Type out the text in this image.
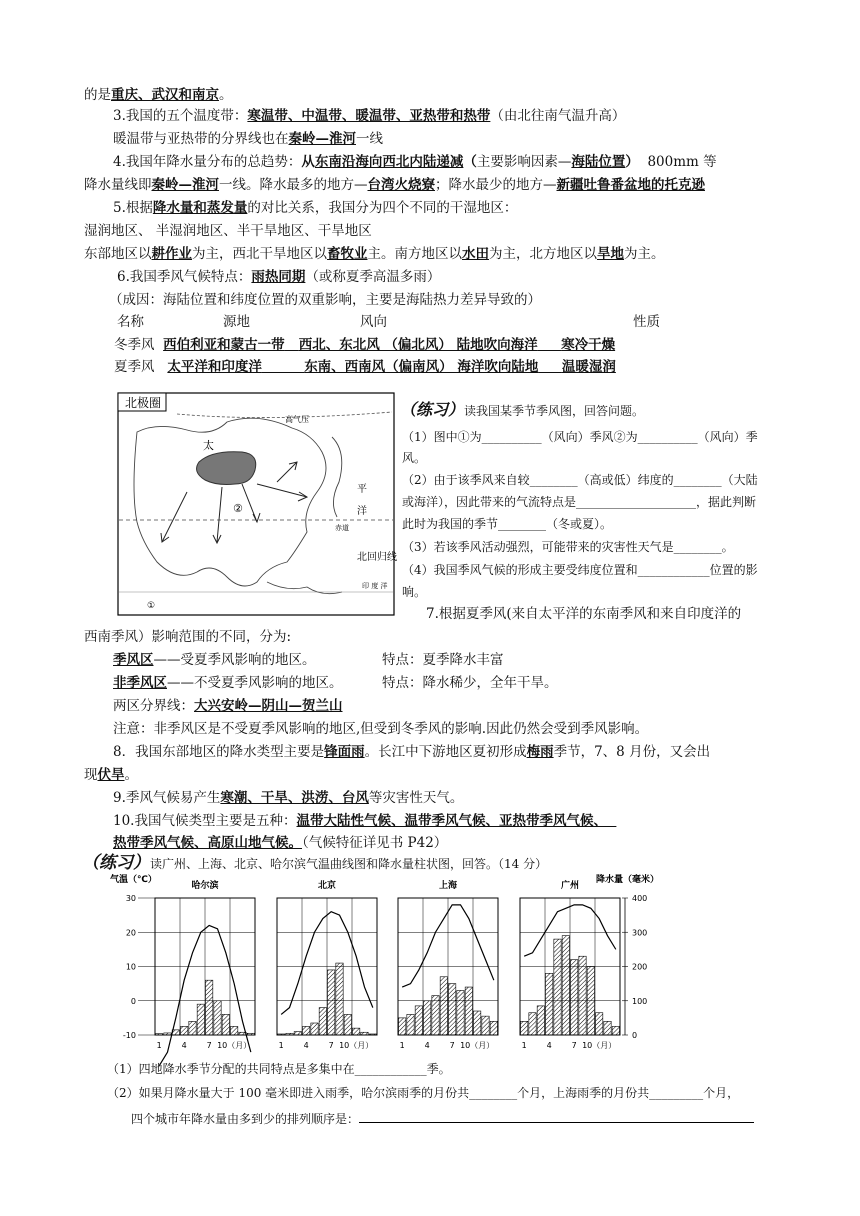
的是重庆、武汉和南京。
3.我国的五个温度带：寒温带、中温带、暖温带、亚热带和热带（由北往南气温升高）
暖温带与亚热带的分界线也在秦岭—淮河一线
4.我国年降水量分布的总趋势：从东南沿海向西北内陆递减（主要影响因素—海陆位置）  800mm 等
降水量线即秦岭—淮河一线。降水最多的地方—台湾火烧寮；降水最少的地方—新疆吐鲁番盆地的托克逊
5.根据降水量和蒸发量的对比关系，我国分为四个不同的干湿地区：
湿润地区、 半湿润地区、半干旱地区、干旱地区
东部地区以耕作业为主，西北干旱地区以畜牧业主。南方地区以水田为主，北方地区以旱地为主。
6.我国季风气候特点：雨热同期（或称夏季高温多雨）
（成因：海陆位置和纬度位置的双重影响，主要是海陆热力差异导致的）
名称	源地	风向	性质
冬季风 西伯利亚和蒙古一带 西北、东北风 （偏北风） 陆地吹向海洋 寒冷干燥
夏季风 太平洋和印度洋	东南、西南风（偏南风） 海洋吹向陆地 温暖湿润
北极圈
高气压
太
平
洋
北回归线
赤道
印 度 洋
①
②
（练习）读我国某季节季风图，回答问题。
（1）图中①为__________（风向）季风②为__________（风向）季
风。
（2）由于该季风来自较________（高或低）纬度的________（大陆
或海洋），因此带来的气流特点是____________________，据此判断
此时为我国的季节________（冬或夏）。
（3）若该季风活动强烈，可能带来的灾害性天气是________。
（4）我国季风气候的形成主要受纬度位置和____________位置的影
响。
7.根据夏季风(来自太平洋的东南季风和来自印度洋的
西南季风）影响范围的不同，分为:
季风区——受夏季风影响的地区。	特点：夏季降水丰富
非季风区——不受夏季风影响的地区。	特点：降水稀少，全年干旱。
两区分界线：大兴安岭—阴山—贺兰山
注意：非季风区是不受夏季风影响的地区,但受到冬季风的影响.因此仍然会受到季风影响。
8．我国东部地区的降水类型主要是锋面雨。长江中下游地区夏初形成梅雨季节，7、8 月份，又会出
现伏旱。
9.季风气候易产生寒潮、干旱、洪涝、台风等灾害性天气。
10.我国气候类型主要是五种：温带大陆性气候、温带季风气候、亚热带季风气候、
热带季风气候、高原山地气候。（气候特征详见书 P42）
（练习）读广州、上海、北京、哈尔滨气温曲线图和降水量柱状图，回答。（14 分）
气温（℃）
30
20
10
0
-10
降水量（毫米）
400
300
200
100
0
哈尔滨
1 4 7 10（月）
北京
1 4 7 10（月）
上海
1 4 7 10（月）
广州
1 4 7 10（月）
（1）四地降水季节分配的共同特点是多集中在____________季。
（2）如果月降水量大于 100 毫米即进入雨季，哈尔滨雨季的月份共________个月，上海雨季的月份共_________个月，
四个城市年降水量由多到少的排列顺序是：
